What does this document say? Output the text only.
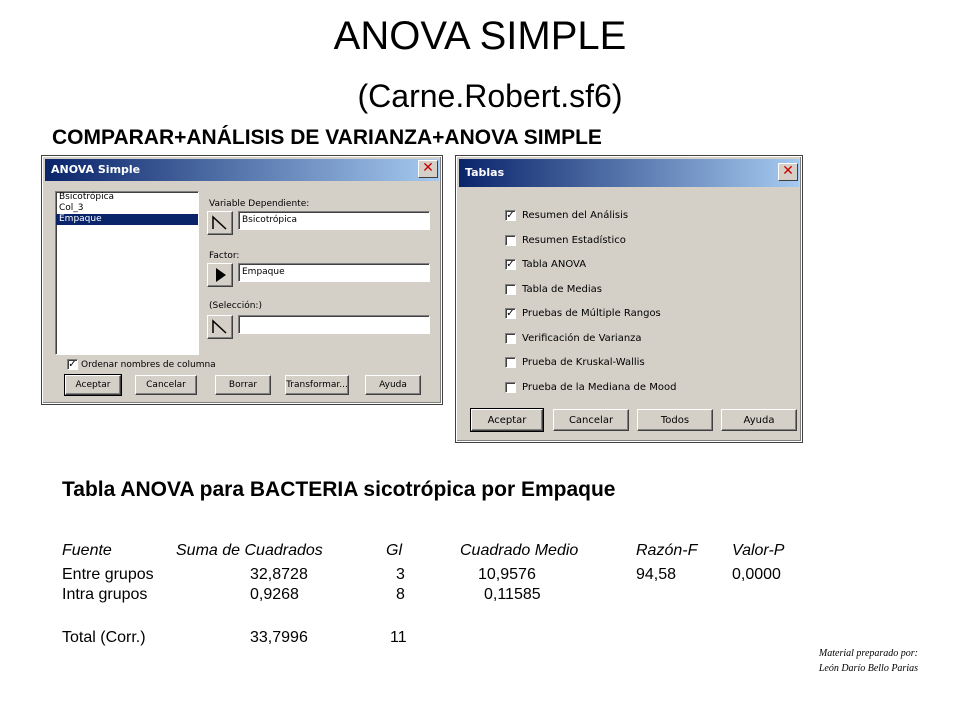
ANOVA SIMPLE
(Carne.Robert.sf6)
COMPARAR+ANÁLISIS DE VARIANZA+ANOVA SIMPLE
ANOVA Simple	✕
Bsicotrópica
Col_3
Empaque
Variable Dependiente:
Bsicotrópica
Factor:
Empaque
(Selección:)
✓ Ordenar nombres de columna
Aceptar	Cancelar	Borrar	Transformar...	Ayuda
Tablas	✕
✓ Resumen del Análisis
Resumen Estadístico
✓ Tabla ANOVA
Tabla de Medias
✓ Pruebas de Múltiple Rangos
Verificación de Varianza
Prueba de Kruskal-Wallis
Prueba de la Mediana de Mood
Aceptar	Cancelar	Todos	Ayuda
Tabla ANOVA para BACTERIA sicotrópica por Empaque
Fuente	Suma de Cuadrados	Gl	Cuadrado Medio	Razón-F Valor-P
Entre grupos	32,8728	3	10,9576	94,58	0,0000
Intra grupos	0,9268	8	0,11585
Total (Corr.)	33,7996	11
Material preparado por:
León Darío Bello Parias
